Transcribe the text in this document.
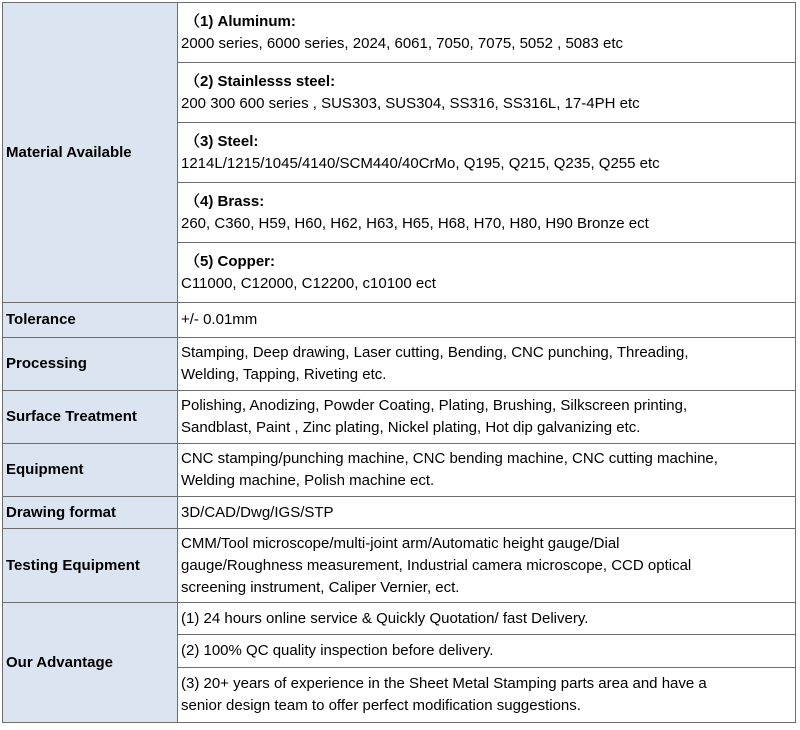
Material Available	（1) Aluminum:
2000 series, 6000 series, 2024, 6061, 7050, 7075, 5052 , 5083 etc

	（2) Stainlesss steel:
200 300 600 series , SUS303, SUS304, SS316, SS316L, 17-4PH etc

	（3) Steel:
1214L/1215/1045/4140/SCM440/40CrMo, Q195, Q215, Q235, Q255 etc

	（4) Brass:
260, C360, H59, H60, H62, H63, H65, H68, H70, H80, H90 Bronze ect

	（5) Copper:
C11000, C12000, C12200, c10100 ect

Tolerance	+/- 0.01mm
Processing	Stamping, Deep drawing, Laser cutting, Bending, CNC punching, Threading,
Welding, Tapping, Riveting etc.

Surface Treatment	Polishing, Anodizing, Powder Coating, Plating, Brushing, Silkscreen printing,
Sandblast, Paint , Zinc plating, Nickel plating, Hot dip galvanizing etc.

Equipment	CNC stamping/punching machine, CNC bending machine, CNC cutting machine,
Welding machine, Polish machine ect.

Drawing format	3D/CAD/Dwg/IGS/STP
Testing Equipment	CMM/Tool microscope/multi-joint arm/Automatic height gauge/Dial
gauge/Roughness measurement, Industrial camera microscope, CCD optical
screening instrument, Caliper Vernier, ect.

Our Advantage	(1) 24 hours online service & Quickly Quotation/ fast Delivery.
	(2) 100% QC quality inspection before delivery.

	(3) 20+ years of experience in the Sheet Metal Stamping parts area and have a
senior design team to offer perfect modification suggestions.
